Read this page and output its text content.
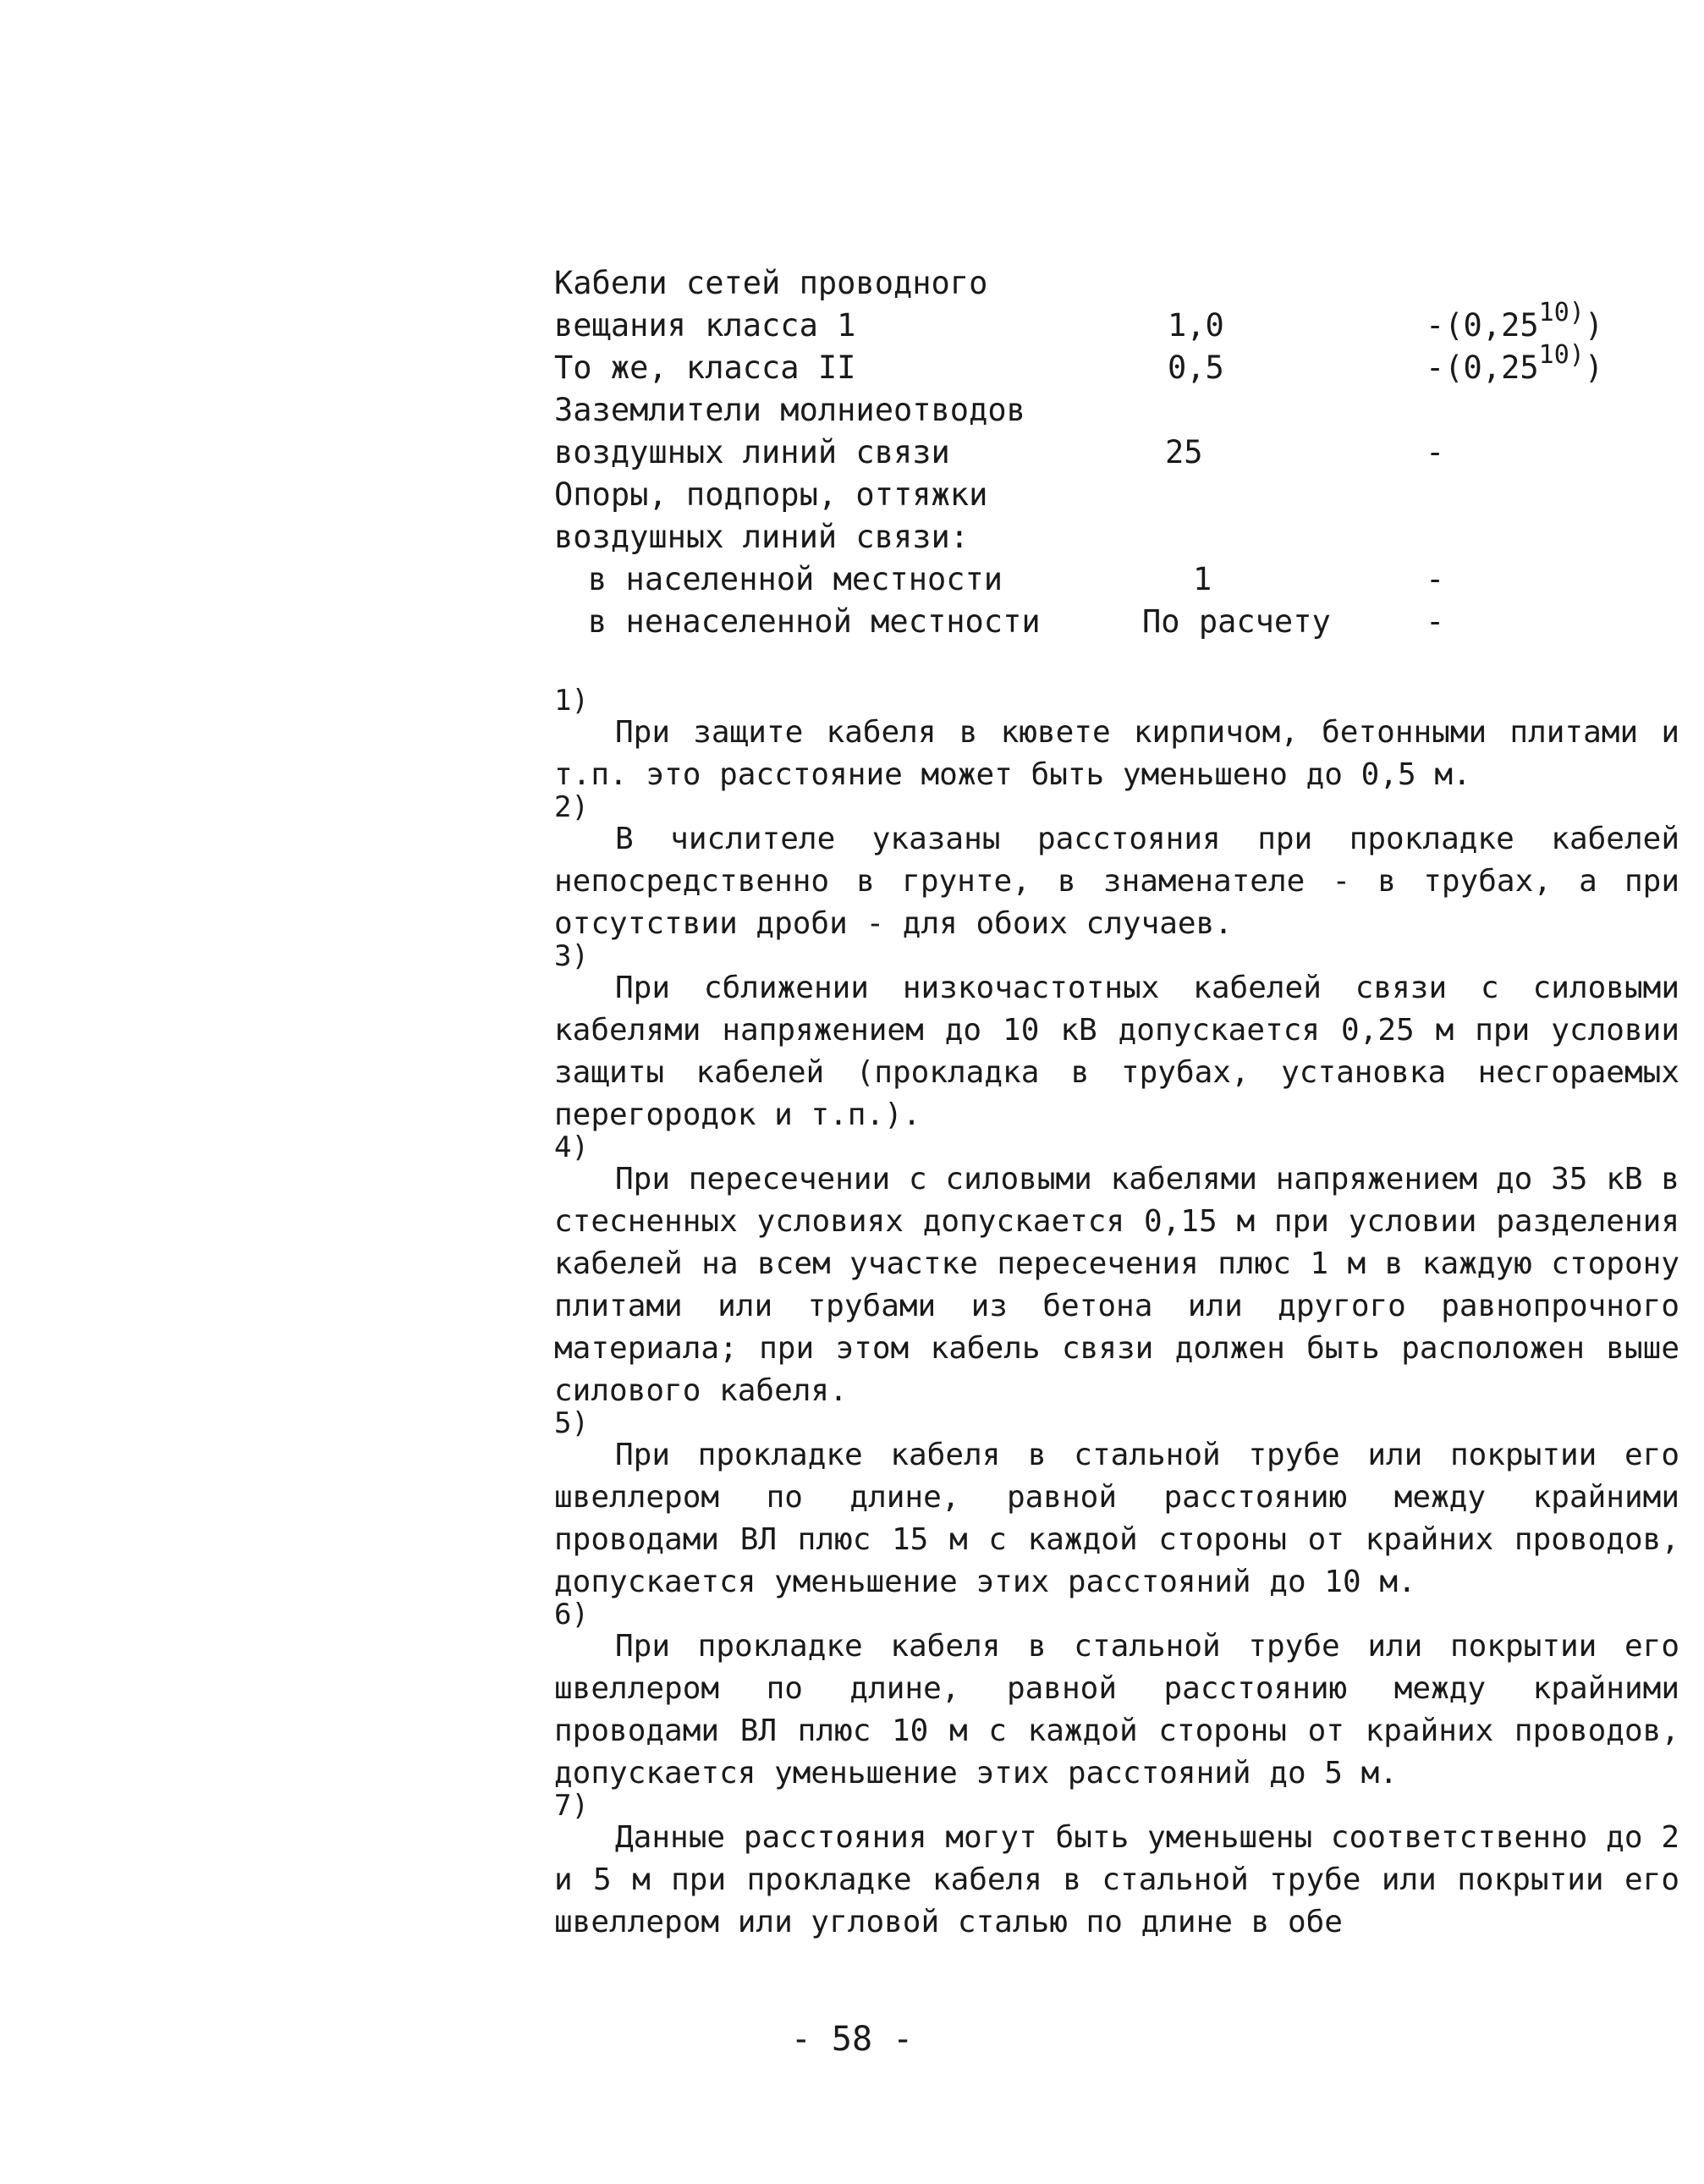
Кабели сетей проводного
вещания класса 1	1,0	-(0,25$^{10)}$)
То же, класса II	0,5	-(0,25$^{10)}$)
Заземлители молниеотводов
воздушных линий связи	25	-
Опоры, подпоры, оттяжки
воздушных линий связи:
в населенной местности	1	-
в ненаселенной местности	По расчету	-
1)
При защите кабеля в кювете кирпичом, бетонными плитами и т.п. это расстояние может быть уменьшено до 0,5 м.
2)
В числителе указаны расстояния при прокладке кабелей непосредственно в грунте, в знаменателе - в трубах, а при отсутствии дроби - для обоих случаев.
3)
При сближении низкочастотных кабелей связи с силовыми кабелями напряжением до 10 кВ допускается 0,25 м при условии защиты кабелей (прокладка в трубах, установка несгораемых перегородок и т.п.).
4)
При пересечении с силовыми кабелями напряжением до 35 кВ в стесненных условиях допускается 0,15 м при условии разделения кабелей на всем участке пересечения плюс 1 м в каждую сторону плитами или трубами из бетона или другого равнопрочного материала; при этом кабель связи должен быть расположен выше силового кабеля.
5)
При прокладке кабеля в стальной трубе или покрытии его швеллером по длине, равной расстоянию между крайними проводами ВЛ плюс 15 м с каждой стороны от крайних проводов, допускается уменьшение этих расстояний до 10 м.
6)
При прокладке кабеля в стальной трубе или покрытии его швеллером по длине, равной расстоянию между крайними проводами ВЛ плюс 10 м с каждой стороны от крайних проводов, допускается уменьшение этих расстояний до 5 м.
7)
Данные расстояния могут быть уменьшены соответственно до 2 и 5 м при прокладке кабеля в стальной трубе или покрытии его швеллером или угловой сталью по длине в обе
- 58 -
